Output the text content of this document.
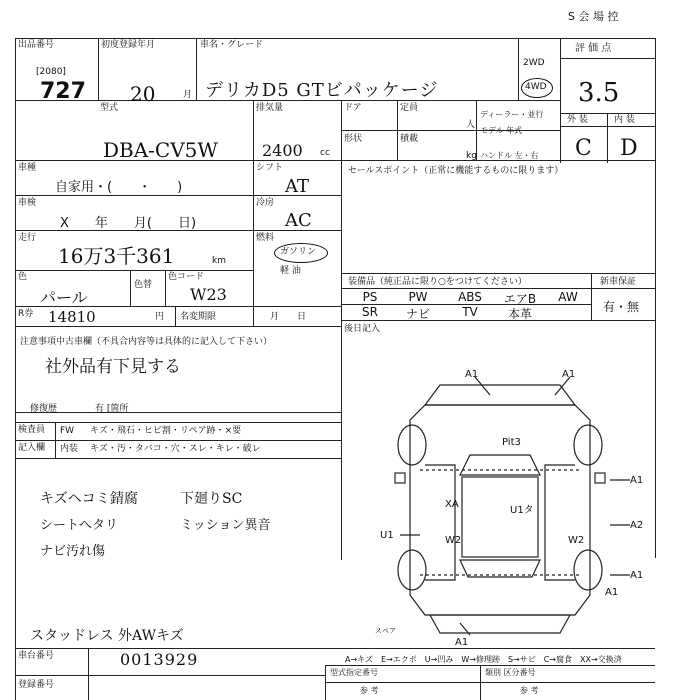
出品番号
[2080]
727
初度登録年月
20	月
車名・グレード
デリカD5 GTビパッケージ
S 会 場 控
評 価 点
3.5
外 装	内 装
C D
2WD
4WD
型式
DBA-CV5W
排気量
2400 cc
ドア	定員
人
ディーラー・並行
モデル 年式
形状	積載
kg ハンドル 左・右
シフト
AT
冷房
AC
燃料
ガソリン
軽 油
色コード
W23
車種
自家用・(　　・　　)
車検
X　　年　　月(　　日)
走行
16万3千361	km
色
パール
色替
R券 14810	円 名変期限	月　　日
注意事項中古車欄（不具合内容等は具体的に記入して下さい）
社外品有下見する
修復歴	有 [箇所
検査員
記入欄
FW キズ・飛石・ヒビ割・リペア跡・×要
内装 キズ・汚・タバコ・穴・スレ・キレ・破レ
キズヘコミ 錆腐	下廻りSC
シートへタリ	ミッション異音
ナビ汚れ傷
スタッドレス 外AWキズ
セールスポイント（正常に機能するものに限ります）
装備品（純正品に限り○をつけてください）	新車保証
有・無
PS	PW	ABS	エアB	AW
SR	ナビ	TV	本革
後日記入
A1	A1
A1
A2
A1
U1	W2	W2
A1
A1
Pit3
U1タ
XA
スペア
A→キズ　E→エクボ　U→凹み　W→修理跡　S→サビ　C→腐食　XX→交換済
車台番号	0013929
登録番号
型式指定番号	類別 区分番号
参 考	参 考
